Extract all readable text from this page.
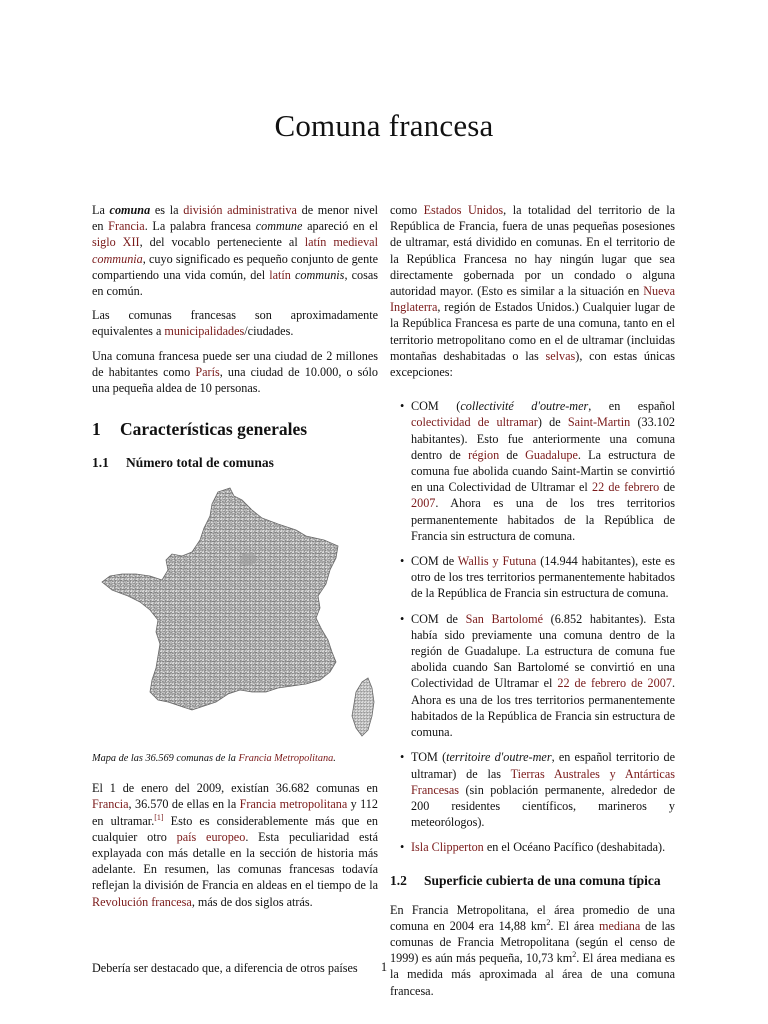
Comuna francesa

La comuna es la división administrativa de menor nivel en Francia. La palabra francesa commune apareció en el siglo XII, del vocablo perteneciente al latín medieval communia, cuyo significado es pequeño conjunto de gente compartiendo una vida común, del latín communis, cosas en común.

Las comunas francesas son aproximadamente equivalentes a municipalidades/ciudades.

Una comuna francesa puede ser una ciudad de 2 millones de habitantes como París, una ciudad de 10.000, o sólo una pequeña aldea de 10 personas.

1 Características generales
1.1 Número total de comunas
Mapa de las 36.569 comunas de la Francia Metropolitana.

El 1 de enero del 2009, existían 36.682 comunas en Francia, 36.570 de ellas en la Francia metropolitana y 112 en ultramar.[1] Esto es considerablemente más que en cualquier otro país europeo. Esta peculiaridad está explayada con más detalle en la sección de historia más adelante. En resumen, las comunas francesas todavía reflejan la división de Francia en aldeas en el tiempo de la Revolución francesa, más de dos siglos atrás.

Debería ser destacado que, a diferencia de otros países

como Estados Unidos, la totalidad del territorio de la República de Francia, fuera de unas pequeñas posesiones de ultramar, está dividido en comunas. En el territorio de la República Francesa no hay ningún lugar que sea directamente gobernada por un condado o alguna autoridad mayor. (Esto es similar a la situación en Nueva Inglaterra, región de Estados Unidos.) Cualquier lugar de la República Francesa es parte de una comuna, tanto en el territorio metropolitano como en el de ultramar (incluidas montañas deshabitadas o las selvas), con estas únicas excepciones:

• COM (collectivité d'outre-mer, en español colectividad de ultramar) de Saint-Martin (33.102 habitantes). Esto fue anteriormente una comuna dentro de région de Guadalupe. La estructura de comuna fue abolida cuando Saint-Martin se convirtió en una Colectividad de Ultramar el 22 de febrero de 2007. Ahora es una de los tres territorios permanentemente habitados de la República de Francia sin estructura de comuna.
• COM de Wallis y Futuna (14.944 habitantes), este es otro de los tres territorios permanentemente habitados de la República de Francia sin estructura de comuna.
• COM de San Bartolomé (6.852 habitantes). Esta había sido previamente una comuna dentro de la región de Guadalupe. La estructura de comuna fue abolida cuando San Bartolomé se convirtió en una Colectividad de Ultramar el 22 de febrero de 2007. Ahora es una de los tres territorios permanentemente habitados de la República de Francia sin estructura de comuna.
• TOM (territoire d'outre-mer, en español territorio de ultramar) de las Tierras Australes y Antárticas Francesas (sin población permanente, alrededor de 200 residentes científicos, marineros y meteorólogos).
• Isla Clipperton en el Océano Pacífico (deshabitada).
1.2	Superficie cubierta de una comuna típica

En Francia Metropolitana, el área promedio de una comuna en 2004 era 14,88 $km^2$. El área mediana de las comunas de Francia Metropolitana (según el censo de 1999) es aún más pequeña, 10,73 $km^2$. El área mediana es la medida más aproximada al área de una comuna francesa.

1
